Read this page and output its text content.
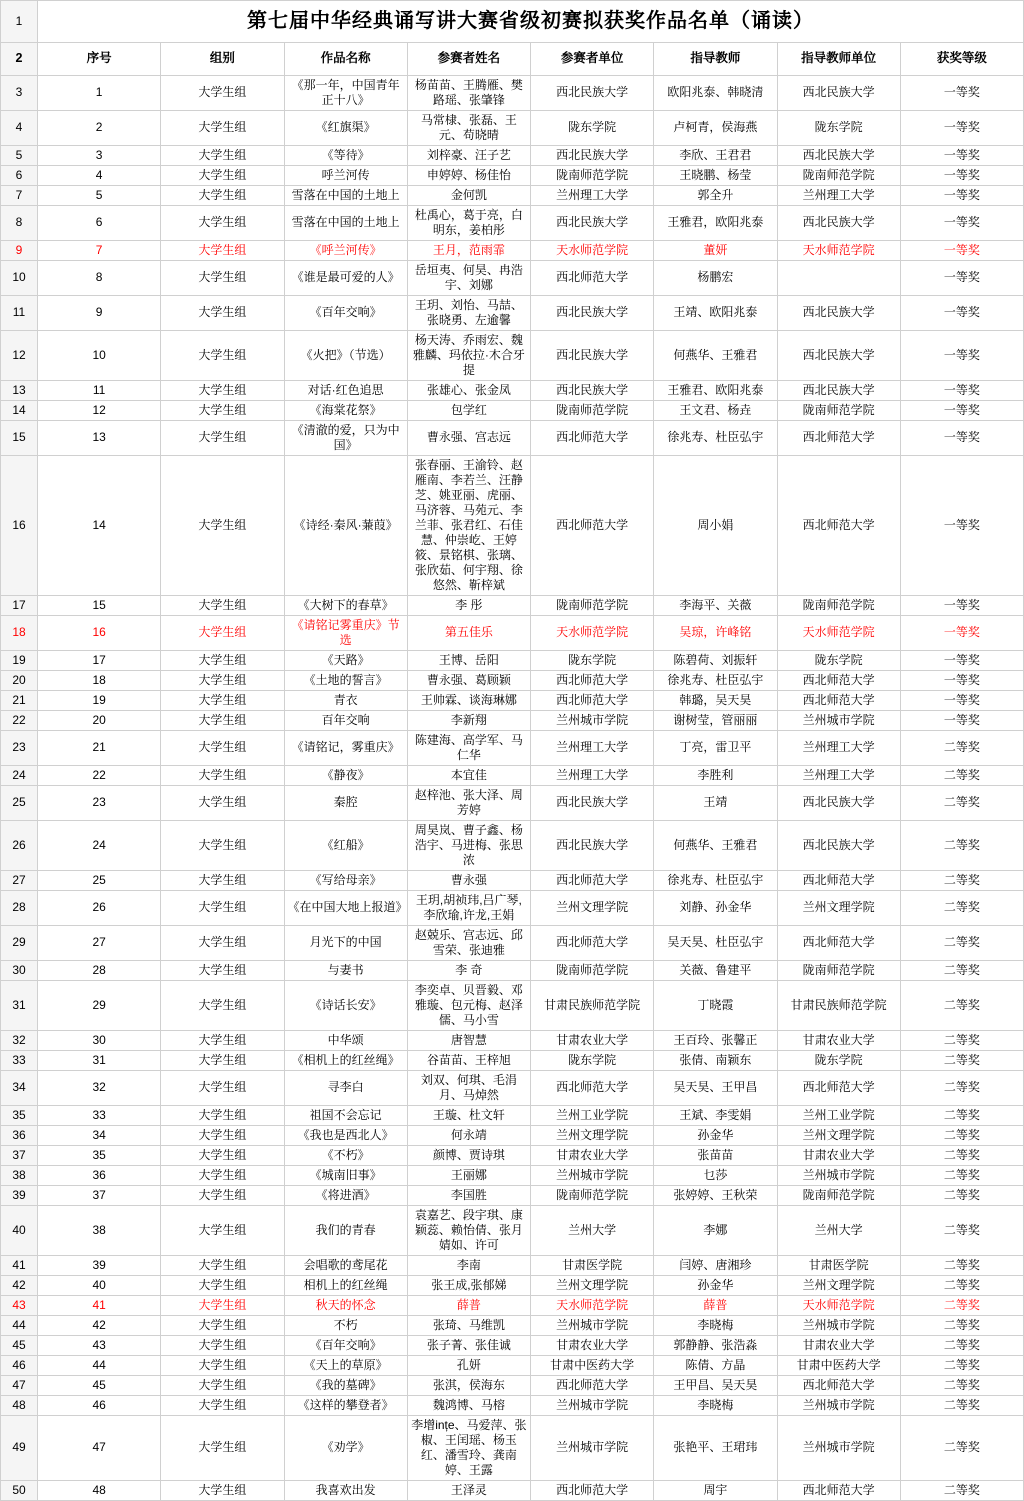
1	第七届中华经典诵写讲大赛省级初赛拟获奖作品名单（诵读）							
2	序号	组别	作品名称	参赛者姓名	参赛者单位	指导教师	指导教师单位	获奖等级
3	1	大学生组	《那一年，中国青年正十八》	杨苗苗、王腾雁、樊路瑶、张肇锋	西北民族大学	欧阳兆泰、韩晓清	西北民族大学	一等奖
4	2	大学生组	《红旗渠》	马常棣、张磊、王元、苟晓晴	陇东学院	卢柯青，侯海燕	陇东学院	一等奖
5	3	大学生组	《等待》	刘梓豪、汪子艺	西北民族大学	李欣、王君君	西北民族大学	一等奖
6	4	大学生组	呼兰河传	申婷婷、杨佳怡	陇南师范学院	王晓鹏、杨莹	陇南师范学院	一等奖
7	5	大学生组	雪落在中国的土地上	金何凯	兰州理工大学	郭全升	兰州理工大学	一等奖
8	6	大学生组	雪落在中国的土地上	杜禹心，葛于亮，白明东，姜柏彤	西北民族大学	王雅君，欧阳兆泰	西北民族大学	一等奖
9	7	大学生组	《呼兰河传》	王月，范雨霏	天水师范学院	董妍	天水师范学院	一等奖
10	8	大学生组	《谁是最可爱的人》	岳垣夷、何昊、冉浩宇、刘娜	西北师范大学	杨鹏宏		一等奖
11	9	大学生组	《百年交响》	王玥、刘怡、马喆、张晓勇、左逾馨	西北民族大学	王靖、欧阳兆泰	西北民族大学	一等奖
12	10	大学生组	《火把》（节选）	杨天涛、乔雨宏、魏雅麟、玛依拉·木合牙提	西北民族大学	何燕华、王雅君	西北民族大学	一等奖
13	11	大学生组	对话·红色追思	张雄心、张金凤	西北民族大学	王雅君、欧阳兆泰	西北民族大学	一等奖
14	12	大学生组	《海棠花祭》	包学红	陇南师范学院	王文君、杨垚	陇南师范学院	一等奖
15	13	大学生组	《清澈的爱，只为中国》	曹永强、宫志远	西北师范大学	徐兆寿、杜臣弘宇	西北师范大学	一等奖
16	14	大学生组	《诗经·秦风·蒹葭》	张春丽、王渝铃、赵雁南、李若兰、汪静芝、姚亚丽、虎丽、马济蓉、马苑元、李兰菲、张君红、石佳慧、仲崇屹、王婷筱、景铭棋、张璃、张欣茹、何宇翔、徐悠然、靳梓斌	西北师范大学	周小娟	西北师范大学	一等奖
17	15	大学生组	《大树下的春草》	李 彤	陇南师范学院	李海平、关薇	陇南师范学院	一等奖
18	16	大学生组	《请铭记雾重庆》节选	第五佳乐	天水师范学院	吴琼，许峰铭	天水师范学院	一等奖
19	17	大学生组	《天路》	王博、岳阳	陇东学院	陈碧荷、刘振轩	陇东学院	一等奖
20	18	大学生组	《土地的誓言》	曹永强、葛顾颖	西北师范大学	徐兆寿、杜臣弘宇	西北师范大学	一等奖
21	19	大学生组	青衣	王帅霖、谈海琳娜	西北师范大学	韩璐，吴天昊	西北师范大学	一等奖
22	20	大学生组	百年交响	李新翔	兰州城市学院	谢树莹，管丽丽	兰州城市学院	一等奖
23	21	大学生组	《请铭记，雾重庆》	陈建海、高学军、马仁华	兰州理工大学	丁亮，雷卫平	兰州理工大学	二等奖
24	22	大学生组	《静夜》	本宜佳	兰州理工大学	李胜利	兰州理工大学	二等奖
25	23	大学生组	秦腔	赵梓池、张大泽、周芳婷	西北民族大学	王靖	西北民族大学	二等奖
26	24	大学生组	《红船》	周昊岚、曹子鑫、杨浩宇、马进梅、张思浓	西北民族大学	何燕华、王雅君	西北民族大学	二等奖
27	25	大学生组	《写给母亲》	曹永强	西北师范大学	徐兆寿、杜臣弘宇	西北师范大学	二等奖
28	26	大学生组	《在中国大地上报道》	王玥,胡祯玮,吕广琴,李欣瑜,许龙,王娟	兰州文理学院	刘静、孙金华	兰州文理学院	二等奖
29	27	大学生组	月光下的中国	赵兢乐、宫志远、邱雪荣、张迪雅	西北师范大学	吴天昊、杜臣弘宇	西北师范大学	二等奖
30	28	大学生组	与妻书	李 奇	陇南师范学院	关薇、鲁建平	陇南师范学院	二等奖
31	29	大学生组	《诗话长安》	李奕卓、贝晋毅、邓雅璇、包元梅、赵泽儒、马小雪	甘肃民族师范学院	丁晓霞	甘肃民族师范学院	二等奖
32	30	大学生组	中华颂	唐智慧	甘肃农业大学	王百玲、张馨正	甘肃农业大学	二等奖
33	31	大学生组	《相机上的红丝绳》	谷苗苗、王梓旭	陇东学院	张倩、南颖东	陇东学院	二等奖
34	32	大学生组	寻李白	刘双、何琪、毛涓月、马焯然	西北师范大学	吴天昊、王甲昌	西北师范大学	二等奖
35	33	大学生组	祖国不会忘记	王璇、杜文轩	兰州工业学院	王斌、李雯娟	兰州工业学院	二等奖
36	34	大学生组	《我也是西北人》	何永靖	兰州文理学院	孙金华	兰州文理学院	二等奖
37	35	大学生组	《不朽》	颜博、贾诗琪	甘肃农业大学	张苗苗	甘肃农业大学	二等奖
38	36	大学生组	《城南旧事》	王丽娜	兰州城市学院	乜莎	兰州城市学院	二等奖
39	37	大学生组	《将进酒》	李国胜	陇南师范学院	张婷婷、王秋荣	陇南师范学院	二等奖
40	38	大学生组	我们的青春	袁嘉艺、段宇琪、康颖蕊、赖怡倩、张月婧如、许可	兰州大学	李娜	兰州大学	二等奖
41	39	大学生组	会唱歌的鸢尾花	李南	甘肃医学院	闫婷、唐湘珍	甘肃医学院	二等奖
42	40	大学生组	相机上的红丝绳	张王成,张郁娣	兰州文理学院	孙金华	兰州文理学院	二等奖
43	41	大学生组	秋天的怀念	薛普	天水师范学院	薛普	天水师范学院	二等奖
44	42	大学生组	不朽	张琦、马维凯	兰州城市学院	李晓梅	兰州城市学院	二等奖
45	43	大学生组	《百年交响》	张子菁、张佳诚	甘肃农业大学	郭静静、张浩淼	甘肃农业大学	二等奖
46	44	大学生组	《天上的草原》	孔妍	甘肃中医药大学	陈倩、方晶	甘肃中医药大学	二等奖
47	45	大学生组	《我的墓碑》	张淇，侯海东	西北师范大学	王甲昌、吴天昊	西北师范大学	二等奖
48	46	大学生组	《这样的攀登者》	魏鸿博、马榕	兰州城市学院	李晓梅	兰州城市学院	二等奖
49	47	大学生组	《劝学》	李增ințe、马爱萍、张椒、王闰瑶、杨玉红、潘雪玲、龚南婷、王露	兰州城市学院	张艳平、王珺玮	兰州城市学院	二等奖
50	48	大学生组	我喜欢出发	王泽灵	西北师范大学	周宇	西北师范大学	二等奖
